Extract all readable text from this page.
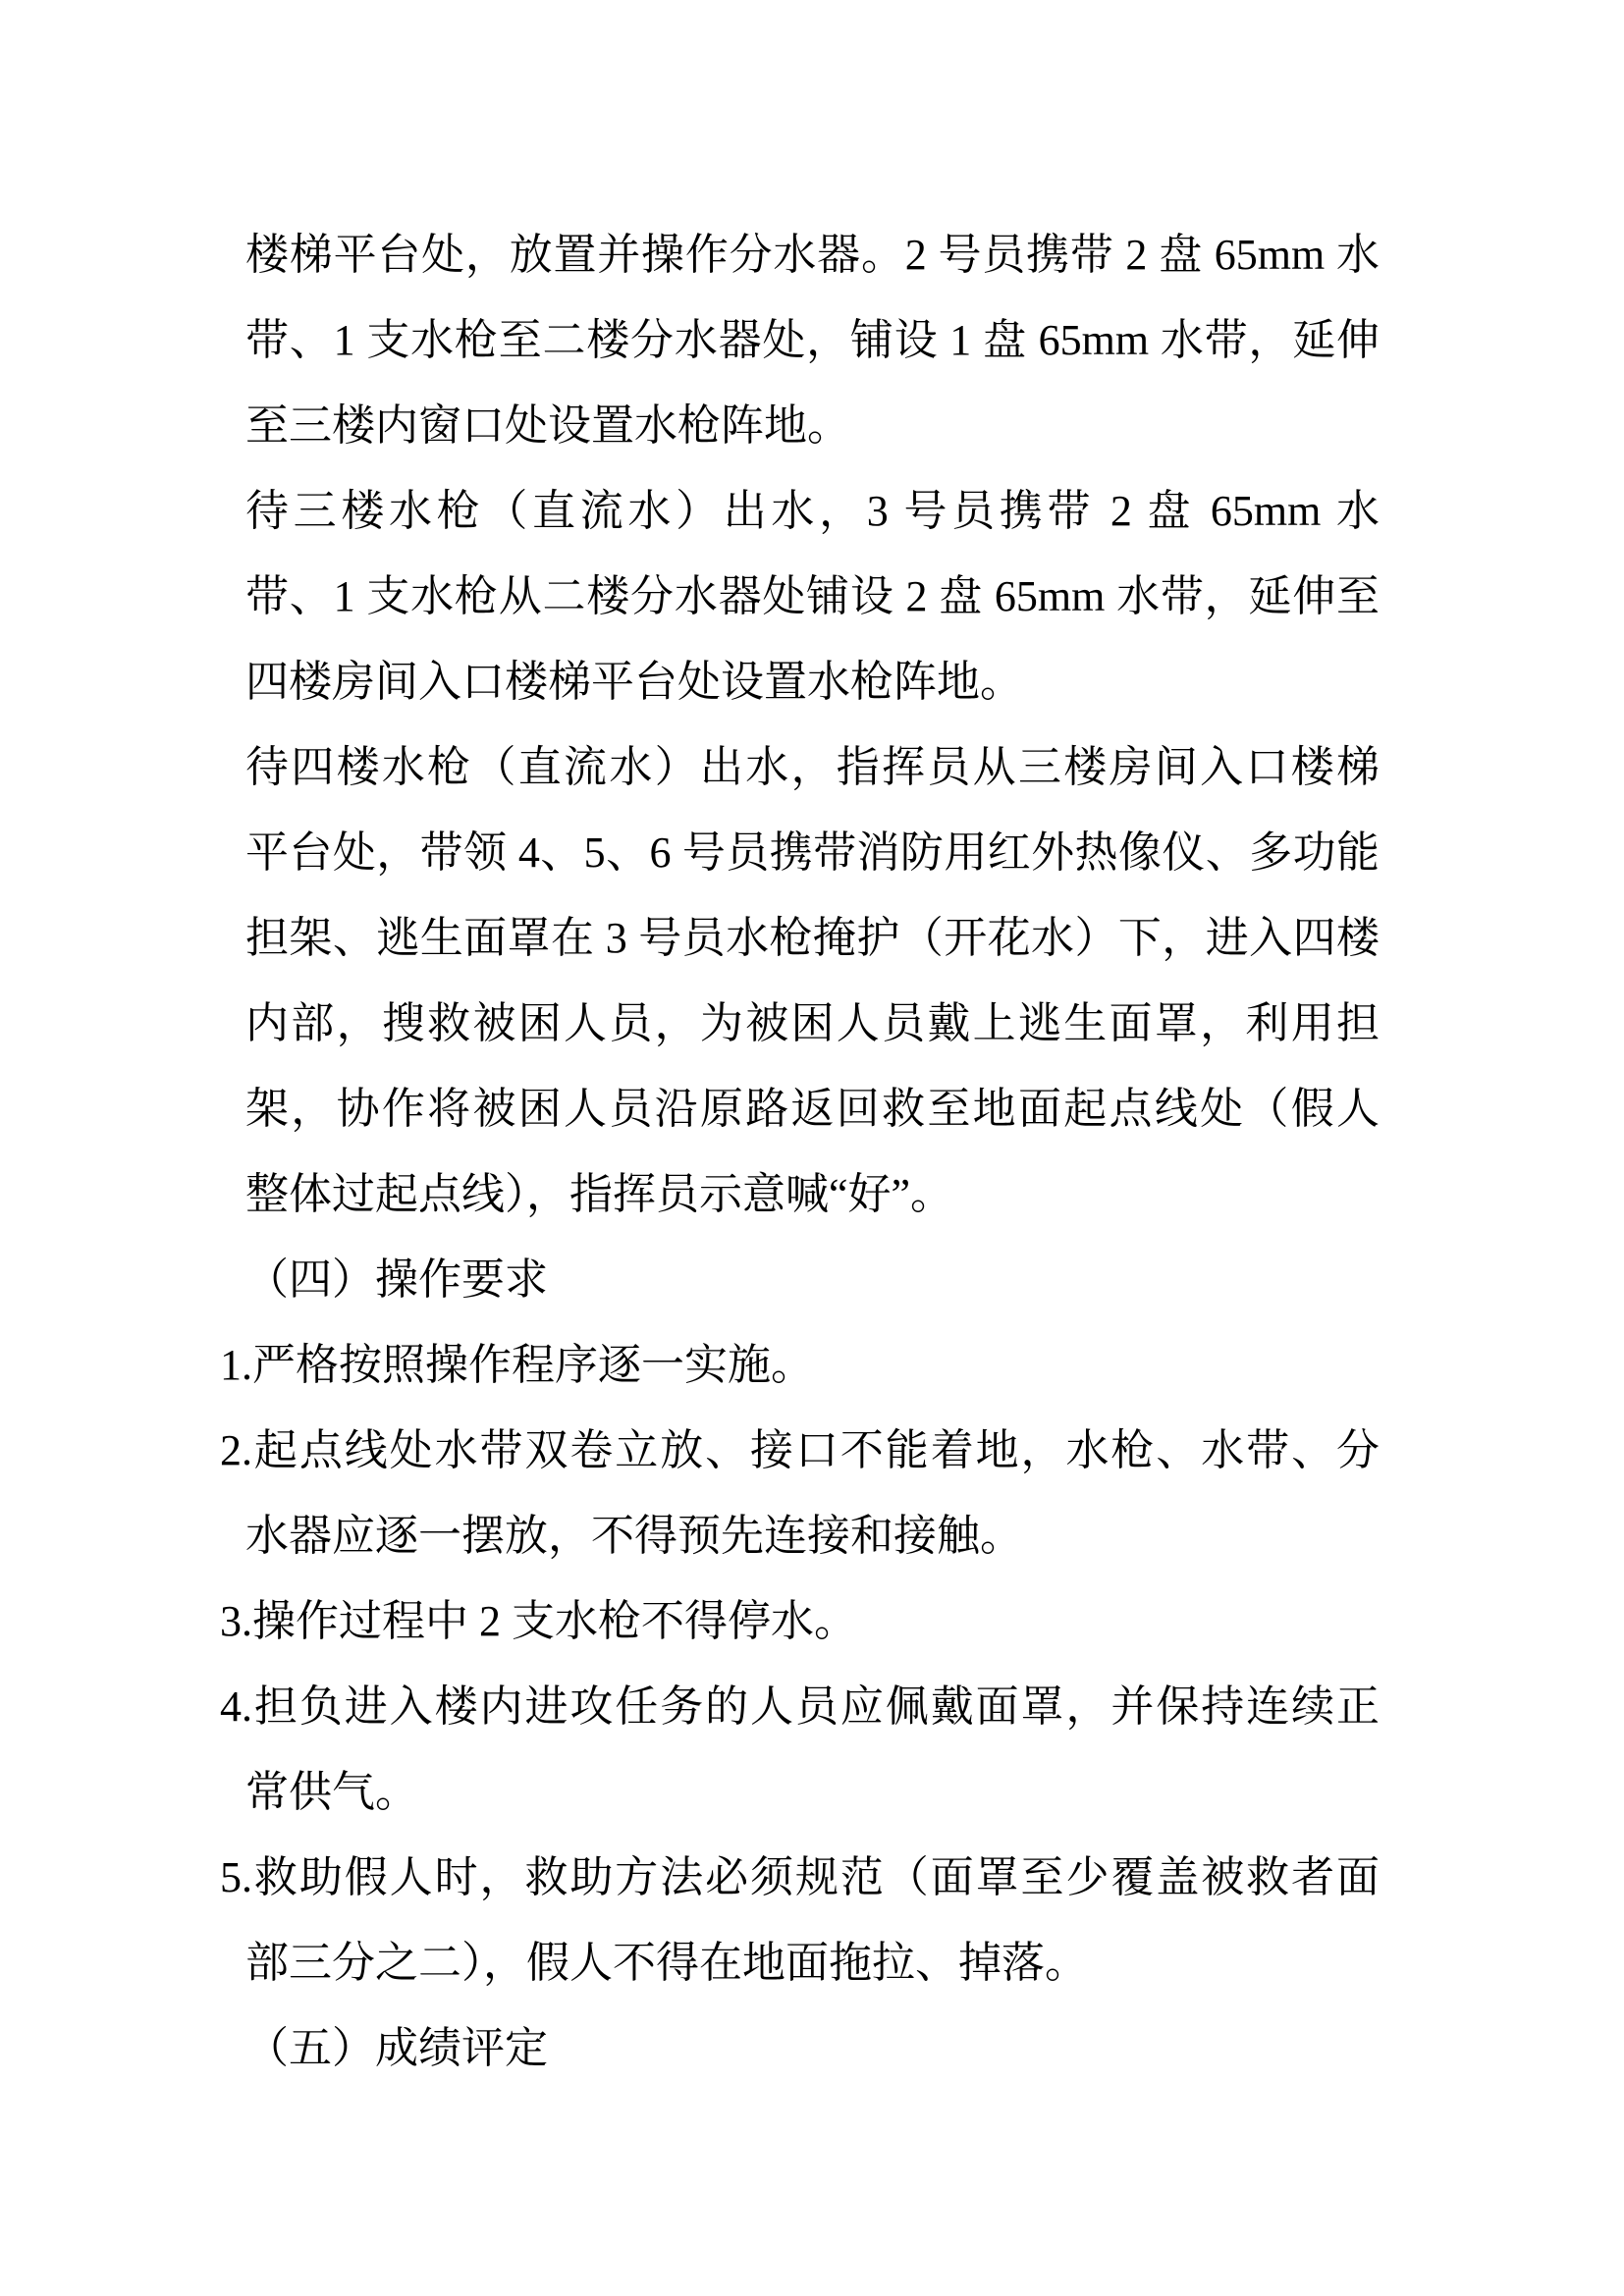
楼梯平台处，放置并操作分水器。2 号员携带 2 盘 65mm 水
带、1 支水枪至二楼分水器处，铺设 1 盘 65mm 水带，延伸
至三楼内窗口处设置水枪阵地。
待三楼水枪（直流水）出水，3 号员携带 2 盘 65mm 水
带、1 支水枪从二楼分水器处铺设 2 盘 65mm 水带，延伸至
四楼房间入口楼梯平台处设置水枪阵地。
待四楼水枪（直流水）出水，指挥员从三楼房间入口楼梯
平台处，带领 4、5、6 号员携带消防用红外热像仪、多功能
担架、逃生面罩在 3 号员水枪掩护（开花水）下，进入四楼
内部，搜救被困人员，为被困人员戴上逃生面罩，利用担
架，协作将被困人员沿原路返回救至地面起点线处（假人
整体过起点线），指挥员示意喊“好”。
（四）操作要求
1.严格按照操作程序逐一实施。
2.起点线处水带双卷立放、接口不能着地，水枪、水带、分
水器应逐一摆放，不得预先连接和接触。
3.操作过程中 2 支水枪不得停水。
4.担负进入楼内进攻任务的人员应佩戴面罩，并保持连续正
常供气。
5.救助假人时，救助方法必须规范（面罩至少覆盖被救者面
部三分之二），假人不得在地面拖拉、掉落。
（五）成绩评定
